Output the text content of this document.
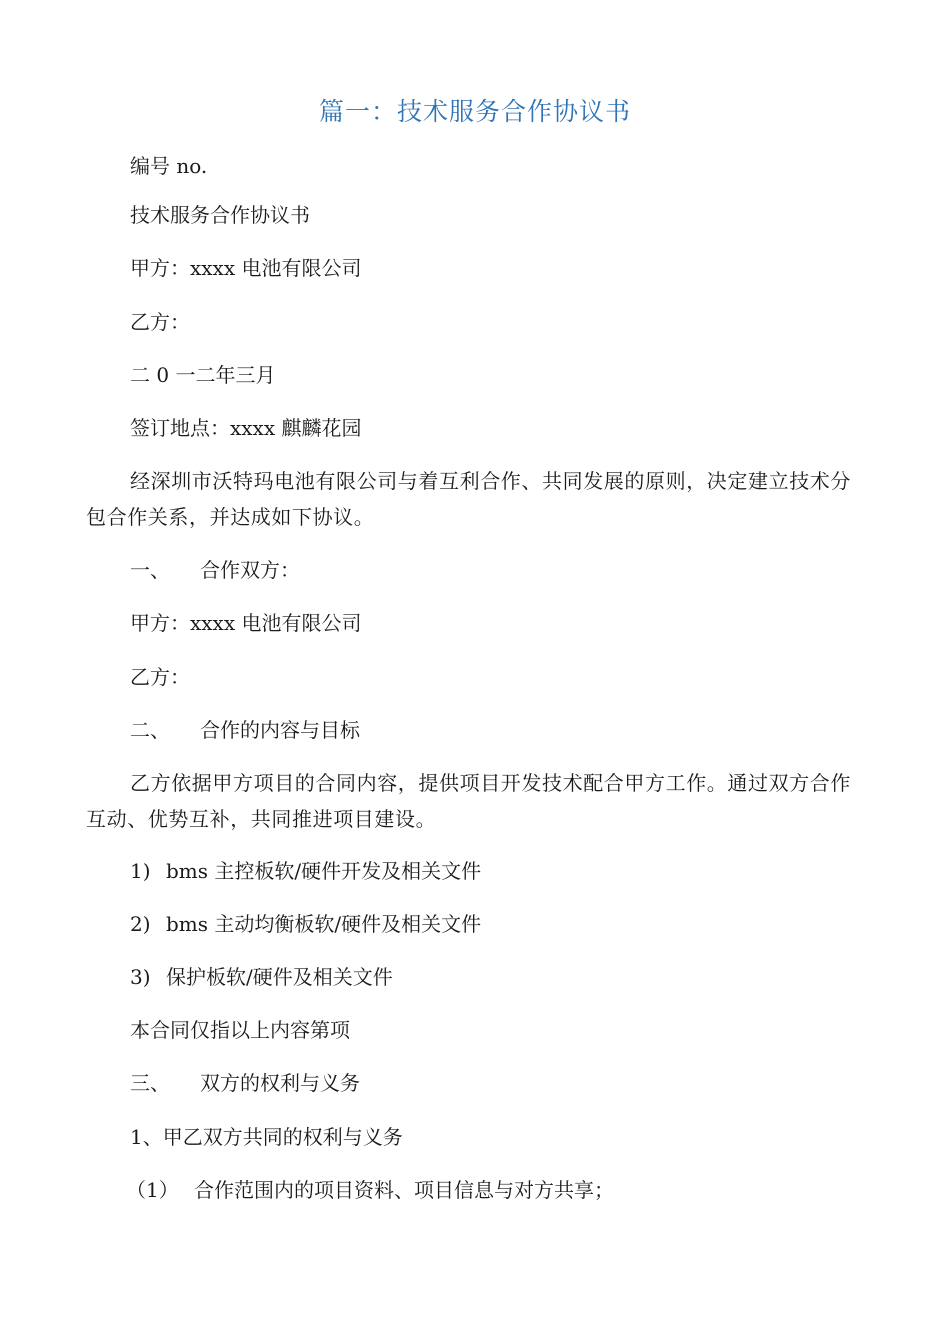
篇一：技术服务合作协议书
编号 no.
技术服务合作协议书
甲方：xxxx 电池有限公司
乙方：
二 0 一二年三月
签订地点：xxxx 麒麟花园
经深圳市沃特玛电池有限公司与着互利合作、共同发展的原则，决定建立技术分包合作关系，并达成如下协议。
一、 合作双方：
甲方：xxxx 电池有限公司
乙方：
二、 合作的内容与目标
乙方依据甲方项目的合同内容，提供项目开发技术配合甲方工作。通过双方合作互动、优势互补，共同推进项目建设。
1) bms 主控板软/硬件开发及相关文件
2) bms 主动均衡板软/硬件及相关文件
3) 保护板软/硬件及相关文件
本合同仅指以上内容第项
三、 双方的权利与义务
1、甲乙双方共同的权利与义务
（1） 合作范围内的项目资料、项目信息与对方共享；
